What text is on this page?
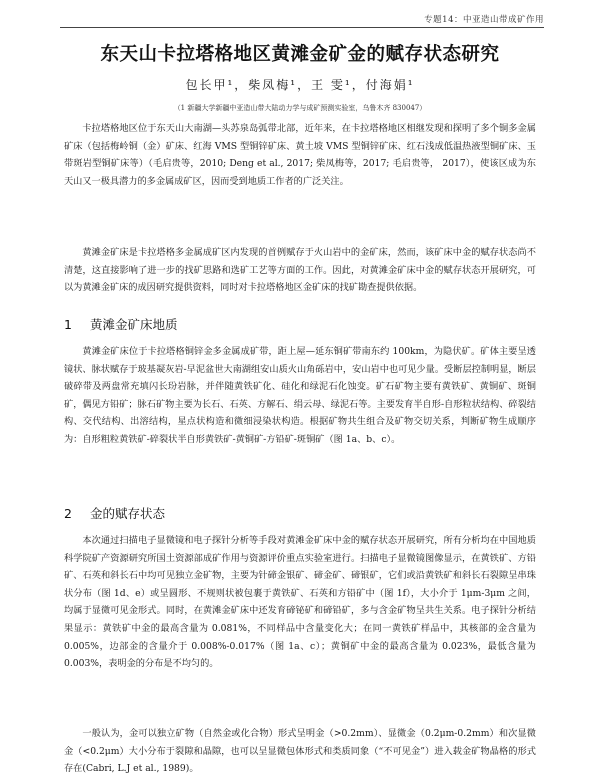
专题14：中亚造山带成矿作用
东天山卡拉塔格地区黄滩金矿金的赋存状态研究
包长甲¹，柴凤梅¹，王 雯¹，付海娟¹
（1 新疆大学新疆中亚造山带大陆动力学与成矿预测实验室，乌鲁木齐 830047）

卡拉塔格地区位于东天山大南湖—头苏泉岛弧带北部，近年来，在卡拉塔格地区相继发现和探明了多个铜多金属矿床（包括梅岭铜（金）矿床、红海 VMS 型铜锌矿床、黄土坡 VMS 型铜锌矿床、红石浅成低温热液型铜矿床、玉带斑岩型铜矿床等）（毛启贵等，2010; Deng et al., 2017; 柴凤梅等，2017; 毛启贵等， 2017），使该区成为东天山又一极具潜力的多金属成矿区，因而受到地质工作者的广泛关注。

黄滩金矿床是卡拉塔格多金属成矿区内发现的首例赋存于火山岩中的金矿床，然而，该矿床中金的赋存状态尚不清楚，这直接影响了进一步的找矿思路和选矿工艺等方面的工作。因此，对黄滩金矿床中金的赋存状态开展研究，可以为黄滩金矿床的成因研究提供资料，同时对卡拉塔格地区金矿床的找矿勘查提供依据。

1 黄滩金矿床地质

黄滩金矿床位于卡拉塔格铜锌金多金属成矿带，距上屋—延东铜矿带南东约 100km，为隐伏矿。矿体主要呈透镜状、脉状赋存于玻基凝灰岩-早泥盆世大南湖组安山质火山角砾岩中，安山岩中也可见少量。受断层控制明显，断层破碎带及两盘常充填闪长玢岩脉，并伴随黄铁矿化、硅化和绿泥石化蚀变。矿石矿物主要有黄铁矿、黄铜矿、斑铜矿，偶见方铅矿；脉石矿物主要为长石、石英、方解石、绢云母、绿泥石等。主要发育半自形-自形粒状结构、碎裂结构、交代结构、出溶结构，星点状构造和微细浸染状构造。根据矿物共生组合及矿物交切关系，判断矿物生成顺序为：自形粗粒黄铁矿-碎裂状半自形黄铁矿-黄铜矿-方铅矿-斑铜矿（图 1a、b、c）。

2 金的赋存状态

本次通过扫描电子显微镜和电子探针分析等手段对黄滩金矿床中金的赋存状态开展研究，所有分析均在中国地质科学院矿产资源研究所国土资源部成矿作用与资源评价重点实验室进行。扫描电子显微镜图像显示，在黄铁矿、方铅矿、石英和斜长石中均可见独立金矿物，主要为针碲金银矿、碲金矿、碲银矿，它们或沿黄铁矿和斜长石裂隙呈串珠状分布（图 1d、e）或呈圆形、不规则状被包裹于黄铁矿、石英和方铅矿中（图 1f），大小介于 1μm-3μm 之间，均属于显微可见金形式。同时，在黄滩金矿床中还发育碲铋矿和碲铅矿，多与含金矿物呈共生关系。电子探针分析结果显示：黄铁矿中金的最高含量为 0.081%，不同样品中含量变化大；在同一黄铁矿样品中，其核部的金含量为 0.005%，边部金的含量介于 0.008%-0.017%（图 1a、c）；黄铜矿中金的最高含量为 0.023%，最低含量为 0.003%，表明金的分布是不均匀的。

一般认为，金可以独立矿物（自然金或化合物）形式呈明金（>0.2mm）、显微金（0.2μm-0.2mm）和次显微金（<0.2μm）大小分布于裂隙和晶隙，也可以呈显微包体形式和类质同象（“不可见金”）进入载金矿物晶格的形式存在(Cabri, L.J et al., 1989)。
